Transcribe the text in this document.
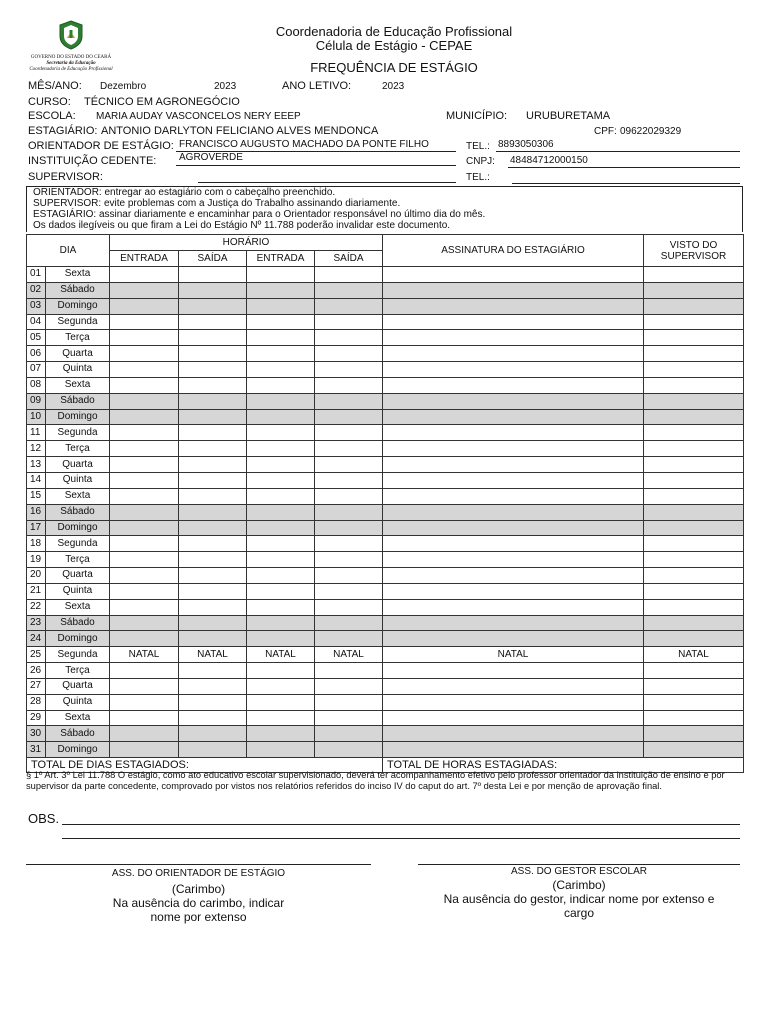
GOVERNO DO ESTADO DO CEARÁ
Secretaria da Educação
Coordenadoria de Educação Profissional
Coordenadoria de Educação Profissional
Célula de Estágio - CEPAE
FREQUÊNCIA DE ESTÁGIO
MÊS/ANO: Dezembro	2023	ANO LETIVO:	2023
CURSO: TÉCNICO EM AGRONEGÓCIO
ESCOLA: MARIA AUDAY VASCONCELOS NERY EEEP	MUNICÍPIO: URUBURETAMA
ESTAGIÁRIO: ANTONIO DARLYTON FELICIANO ALVES MENDONCA	CPF: 09622029329
ORIENTADOR DE ESTÁGIO: FRANCISCO AUGUSTO MACHADO DA PONTE FILHO	TEL.: 8893050306
INSTITUIÇÃO CEDENTE: AGROVERDE	CNPJ: 48484712000150
SUPERVISOR:	TEL.:
ORIENTADOR: entregar ao estagiário com o cabeçalho preenchido.
SUPERVISOR: evite problemas com a Justiça do Trabalho assinando diariamente.
ESTAGIÁRIO: assinar diariamente e encaminhar para o Orientador responsável no último dia do mês.
Os dados ilegíveis ou que firam a Lei do Estágio Nº 11.788 poderão invalidar este documento.
DIA		HORÁRIO				ASSINATURA DO ESTAGIÁRIO	VISTO DO SUPERVISOR
		ENTRADA	SAÍDA	ENTRADA	SAÍDA		
01	Sexta						
02	Sábado						
03	Domingo						
04	Segunda						
05	Terça						
06	Quarta						
07	Quinta						
08	Sexta						
09	Sábado						
10	Domingo						
11	Segunda						
12	Terça						
13	Quarta						
14	Quinta						
15	Sexta						
16	Sábado						
17	Domingo						
18	Segunda						
19	Terça						
20	Quarta						
21	Quinta						
22	Sexta						
23	Sábado						
24	Domingo						
25	Segunda	NATAL	NATAL	NATAL	NATAL	NATAL	NATAL
26	Terça						
27	Quarta						
28	Quinta						
29	Sexta						
30	Sábado						
31	Domingo						
TOTAL DE DIAS ESTAGIADOS:						TOTAL DE HORAS ESTAGIADAS:	
§ 1º Art. 3º Lei 11.788 O estágio, como ato educativo escolar supervisionado, deverá ter acompanhamento efetivo pelo professor orientador da instituição de ensino e por supervisor da parte concedente, comprovado por vistos nos relatórios referidos do inciso IV do caput do art. 7º desta Lei e por menção de aprovação final.
OBS.
ASS. DO ORIENTADOR DE ESTÁGIO
(Carimbo)
Na ausência do carimbo, indicar nome por extenso
ASS. DO GESTOR ESCOLAR
(Carimbo)
Na ausência do gestor, indicar nome por extenso e cargo
